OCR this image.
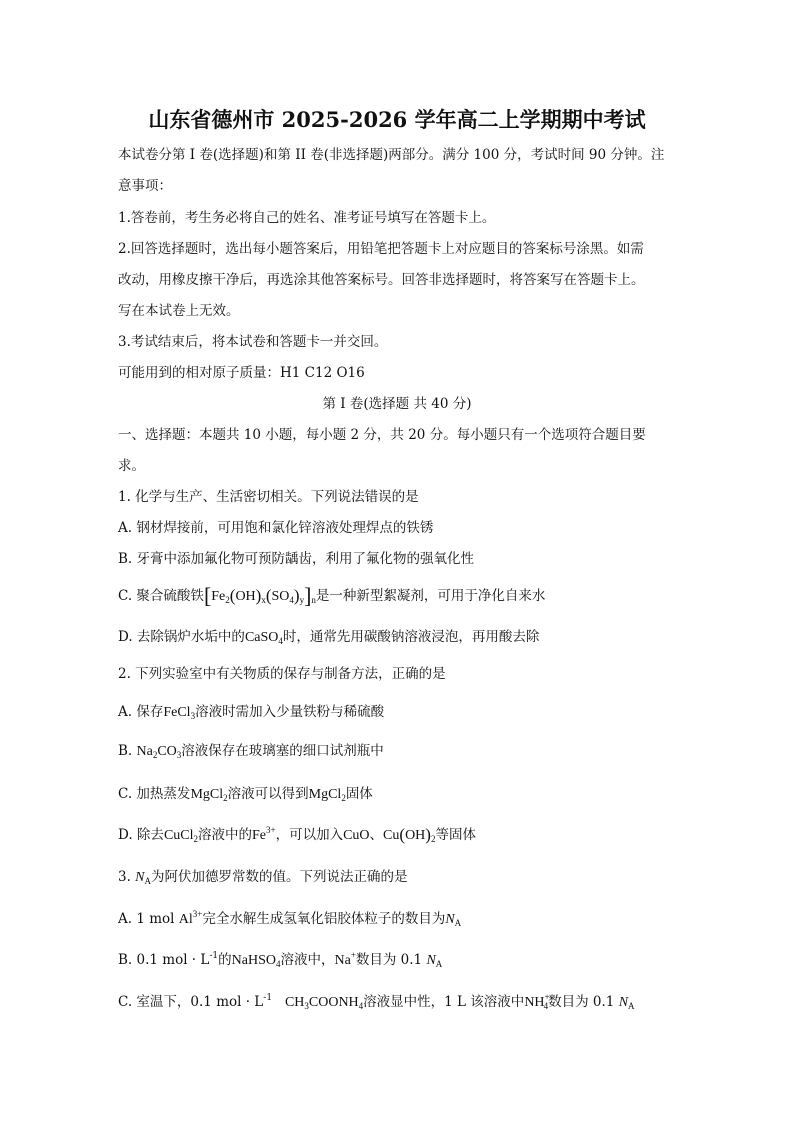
山东省德州市 2025-2026 学年高二上学期期中考试
本试卷分第 I 卷(选择题)和第 II 卷(非选择题)两部分。满分 100 分，考试时间 90 分钟。注
意事项：
1.答卷前，考生务必将自己的姓名、准考证号填写在答题卡上。
2.回答选择题时，选出每小题答案后，用铅笔把答题卡上对应题目的答案标号涂黑。如需
改动，用橡皮擦干净后，再选涂其他答案标号。回答非选择题时，将答案写在答题卡上。
写在本试卷上无效。
3.考试结束后，将本试卷和答题卡一并交回。
可能用到的相对原子质量：H1 C12 O16
第 I 卷(选择题 共 40 分)
一、选择题：本题共 10 小题，每小题 2 分，共 20 分。每小题只有一个选项符合题目要
求。
1. 化学与生产、生活密切相关。下列说法错误的是
A. 钢材焊接前，可用饱和氯化锌溶液处理焊点的铁锈
B. 牙膏中添加氟化物可预防龋齿，利用了氟化物的强氧化性
C. 聚合硫酸铁$[Fe_2(OH)_x(SO_4)_y]_n$是一种新型絮凝剂，可用于净化自来水
D. 去除锅炉水垢中的CaSO$_4$时，通常先用碳酸钠溶液浸泡，再用酸去除
2. 下列实验室中有关物质的保存与制备方法，正确的是
A. 保存FeCl$_3$溶液时需加入少量铁粉与稀硫酸
B. $Na_2CO_3$溶液保存在玻璃塞的细口试剂瓶中
C. 加热蒸发MgCl$_2$溶液可以得到MgCl$_2$固体
D. 除去CuCl$_2$溶液中的$Fe^{3+}$，可以加入CuO、$Cu(OH)_2$等固体
3. $N_A$为阿伏加德罗常数的值。下列说法正确的是
A. 1 mol $Al^{3+}$完全水解生成氢氧化铝胶体粒子的数目为$N_A$
B. 0.1 mol · $L^{-1}$的NaHSO$_4$溶液中，Na+数目为 0.1 $N_A$
C. 室温下，0.1 mol · $L^{-1}$ $CH_3COONH_4$溶液显中性，1 L 该溶液中$NH^+_4$数目为 0.1 $N_A$
